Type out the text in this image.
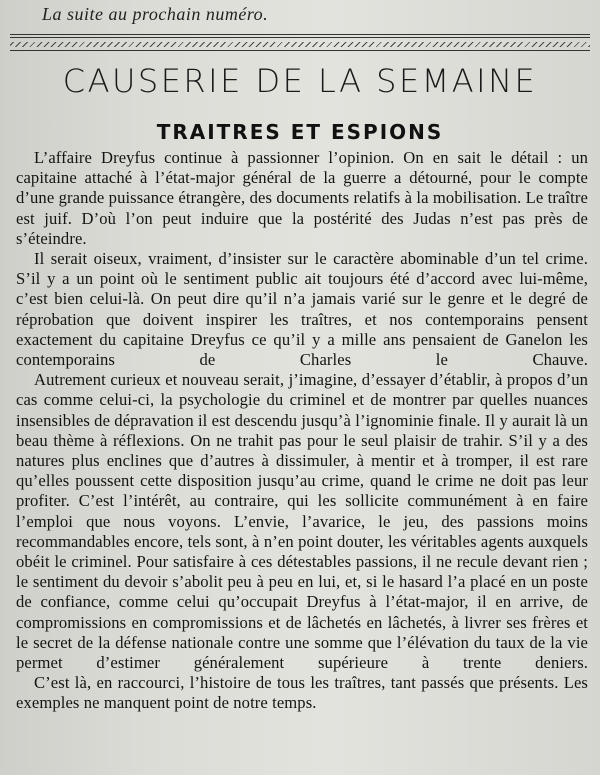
La suite au prochain numéro.
CAUSERIE DE LA SEMAINE
TRAITRES ET ESPIONS

L’affaire Dreyfus continue à passionner l’opinion. On en sait le détail : un capitaine attaché à l’état-major général de la guerre a détourné, pour le compte d’une grande puissance étrangère, des documents relatifs à la mobilisation. Le traître est juif. D’où l’on peut induire que la postérité des Judas n’est pas près de s’éteindre.

Il serait oiseux, vraiment, d’insister sur le caractère abominable d’un tel crime. S’il y a un point où le sentiment public ait toujours été d’accord avec lui-même, c’est bien celui-là. On peut dire qu’il n’a jamais varié sur le genre et le degré de réprobation que doivent inspirer les traîtres, et nos contemporains pensent exactement du capitaine Dreyfus ce qu’il y a mille ans pensaient de Ganelon les contemporains de Charles le Chauve.

Autrement curieux et nouveau serait, j’imagine, d’essayer d’établir, à propos d’un cas comme celui-ci, la psychologie du criminel et de montrer par quelles nuances insensibles de dépravation il est descendu jusqu’à l’ignominie finale. Il y aurait là un beau thème à réflexions. On ne trahit pas pour le seul plaisir de trahir. S’il y a des natures plus enclines que d’autres à dissimuler, à mentir et à tromper, il est rare qu’elles poussent cette disposition jusqu’au crime, quand le crime ne doit pas leur profiter. C’est l’intérêt, au contraire, qui les sollicite communément à en faire l’emploi que nous voyons. L’envie, l’avarice, le jeu, des passions moins recommandables encore, tels sont, à n’en point douter, les véritables agents auxquels obéit le criminel. Pour satisfaire à ces détestables passions, il ne recule devant rien ; le sentiment du devoir s’abolit peu à peu en lui, et, si le hasard l’a placé en un poste de confiance, comme celui qu’occupait Dreyfus à l’état-major, il en arrive, de compromissions en compromissions et de lâchetés en lâchetés, à livrer ses frères et le secret de la défense nationale contre une somme que l’élévation du taux de la vie permet d’estimer généralement supérieure à trente deniers.

C’est là, en raccourci, l’histoire de tous les traîtres, tant passés que présents. Les exemples ne manquent point de notre temps.
